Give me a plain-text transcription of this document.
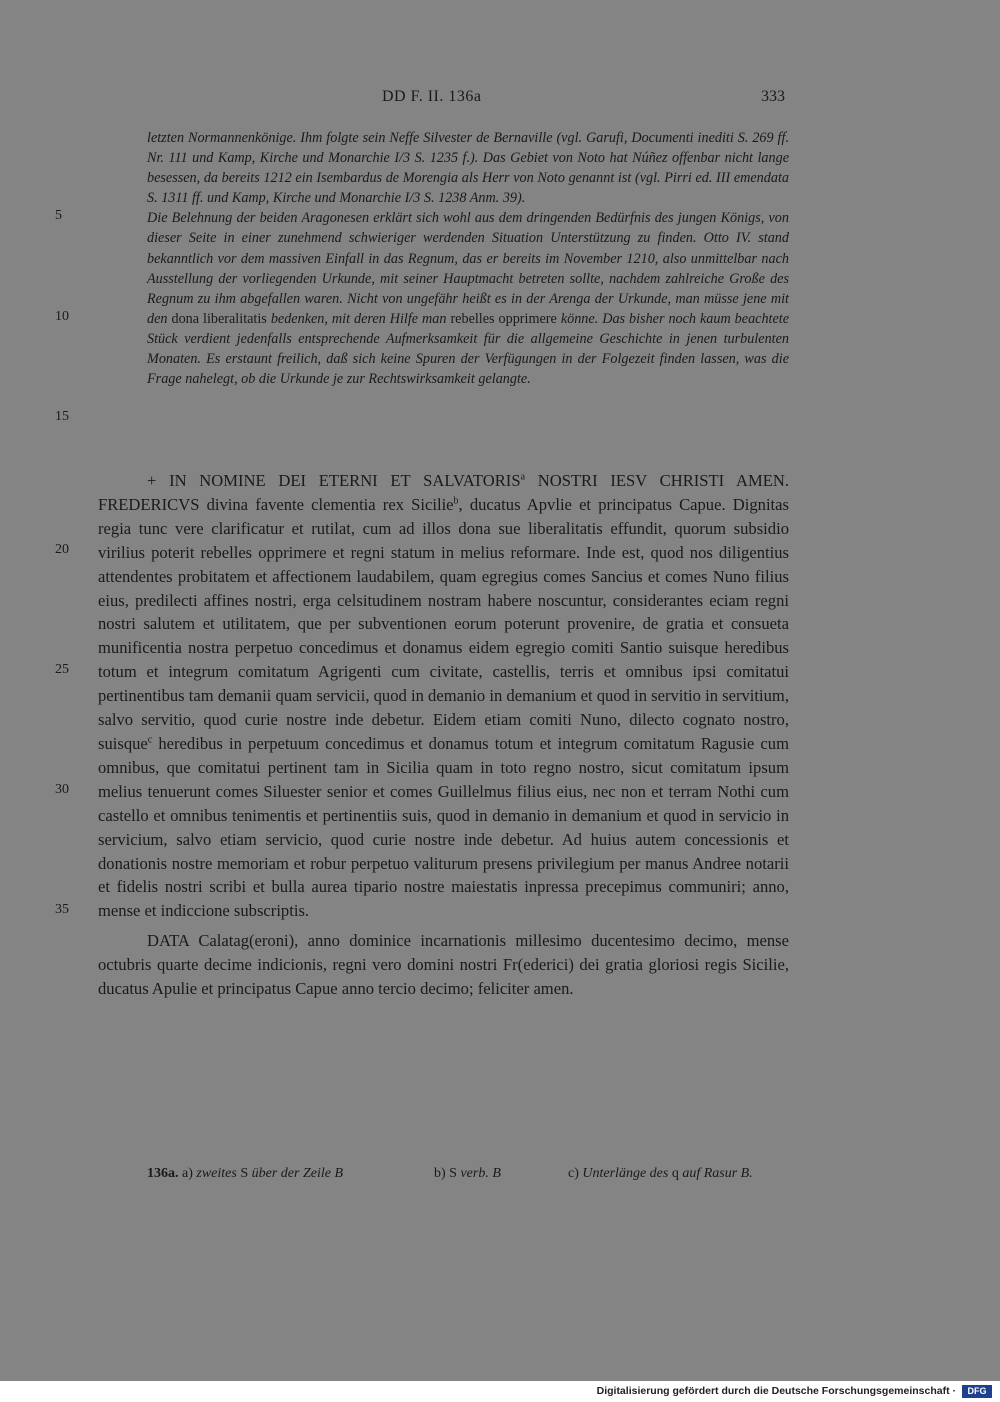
DD F. II. 136a	333

letzten Normannenkönige. Ihm folgte sein Neffe Silvester de Bernaville (vgl. Garufi, Documenti inediti S. 269 ff. Nr. 111 und Kamp, Kirche und Monarchie I/3 S. 1235 f.). Das Gebiet von Noto hat Núñez offenbar nicht lange besessen, da bereits 1212 ein Isembardus de Morengia als Herr von Noto genannt ist (vgl. Pirri ed. III emendata S. 1311 ff. und Kamp, Kirche und Monarchie I/3 S. 1238 Anm. 39).

Die Belehnung der beiden Aragonesen erklärt sich wohl aus dem dringenden Bedürfnis des jungen Königs, von dieser Seite in einer zunehmend schwieriger werdenden Situation Unterstützung zu finden. Otto IV. stand bekanntlich vor dem massiven Einfall in das Regnum, das er bereits im November 1210, also unmittelbar nach Ausstellung der vorliegenden Urkunde, mit seiner Hauptmacht betreten sollte, nachdem zahlreiche Große des Regnum zu ihm abgefallen waren. Nicht von ungefähr heißt es in der Arenga der Urkunde, man müsse jene mit den dona liberalitatis bedenken, mit deren Hilfe man rebelles opprimere könne. Das bisher noch kaum beachtete Stück verdient jedenfalls entsprechende Aufmerksamkeit für die allgemeine Geschichte in jenen turbulenten Monaten. Es erstaunt freilich, daß sich keine Spuren der Verfügungen in der Folgezeit finden lassen, was die Frage nahelegt, ob die Urkunde je zur Rechtswirksamkeit gelangte.

5
10
15
20
25
30
35

+ IN NOMINE DEI ETERNI ET SALVATORIS$^a$ NOSTRI IESV CHRISTI AMEN. FREDERICVS divina favente clementia rex Sicilie$^b$, ducatus Apvlie et principatus Capue. Dignitas regia tunc vere clarificatur et rutilat, cum ad illos dona sue liberalitatis effundit, quorum subsidio virilius poterit rebelles opprimere et regni statum in melius reformare. Inde est, quod nos diligentius attendentes probitatem et affectionem laudabilem, quam egregius comes Sancius et comes Nuno filius eius, predilecti affines nostri, erga celsitudinem nostram habere noscuntur, considerantes eciam regni nostri salutem et utilitatem, que per subventionen eorum poterunt provenire, de gratia et consueta munificentia nostra perpetuo concedimus et donamus eidem egregio comiti Santio suisque heredibus totum et integrum comitatum Agrigenti cum civitate, castellis, terris et omnibus ipsi comitatui pertinentibus tam demanii quam servicii, quod in demanio in demanium et quod in servitio in servitium, salvo servitio, quod curie nostre inde debetur. Eidem etiam comiti Nuno, dilecto cognato nostro, suisque$^c$ heredibus in perpetuum concedimus et donamus totum et integrum comitatum Ragusie cum omnibus, que comitatui pertinent tam in Sicilia quam in toto regno nostro, sicut comitatum ipsum melius tenuerunt comes Siluester senior et comes Guillelmus filius eius, nec non et terram Nothi cum castello et omnibus tenimentis et pertinentiis suis, quod in demanio in demanium et quod in servicio in servicium, salvo etiam servicio, quod curie nostre inde debetur. Ad huius autem concessionis et donationis nostre memoriam et robur perpetuo valiturum presens privilegium per manus Andree notarii et fidelis nostri scribi et bulla aurea tipario nostre maiestatis inpressa precepimus communiri; anno, mense et indiccione subscriptis.

DATA Calatag(eroni), anno dominice incarnationis millesimo ducentesimo decimo, mense octubris quarte decime indicionis, regni vero domini nostri Fr(ederici) dei gratia gloriosi regis Sicilie, ducatus Apulie et principatus Capue anno tercio decimo; feliciter amen.

136a. a) zweites S über der Zeile B	b) S verb. B	c) Unterlänge des q auf Rasur B.
Digitalisierung gefördert durch die Deutsche Forschungsgemeinschaft ·	DFG
